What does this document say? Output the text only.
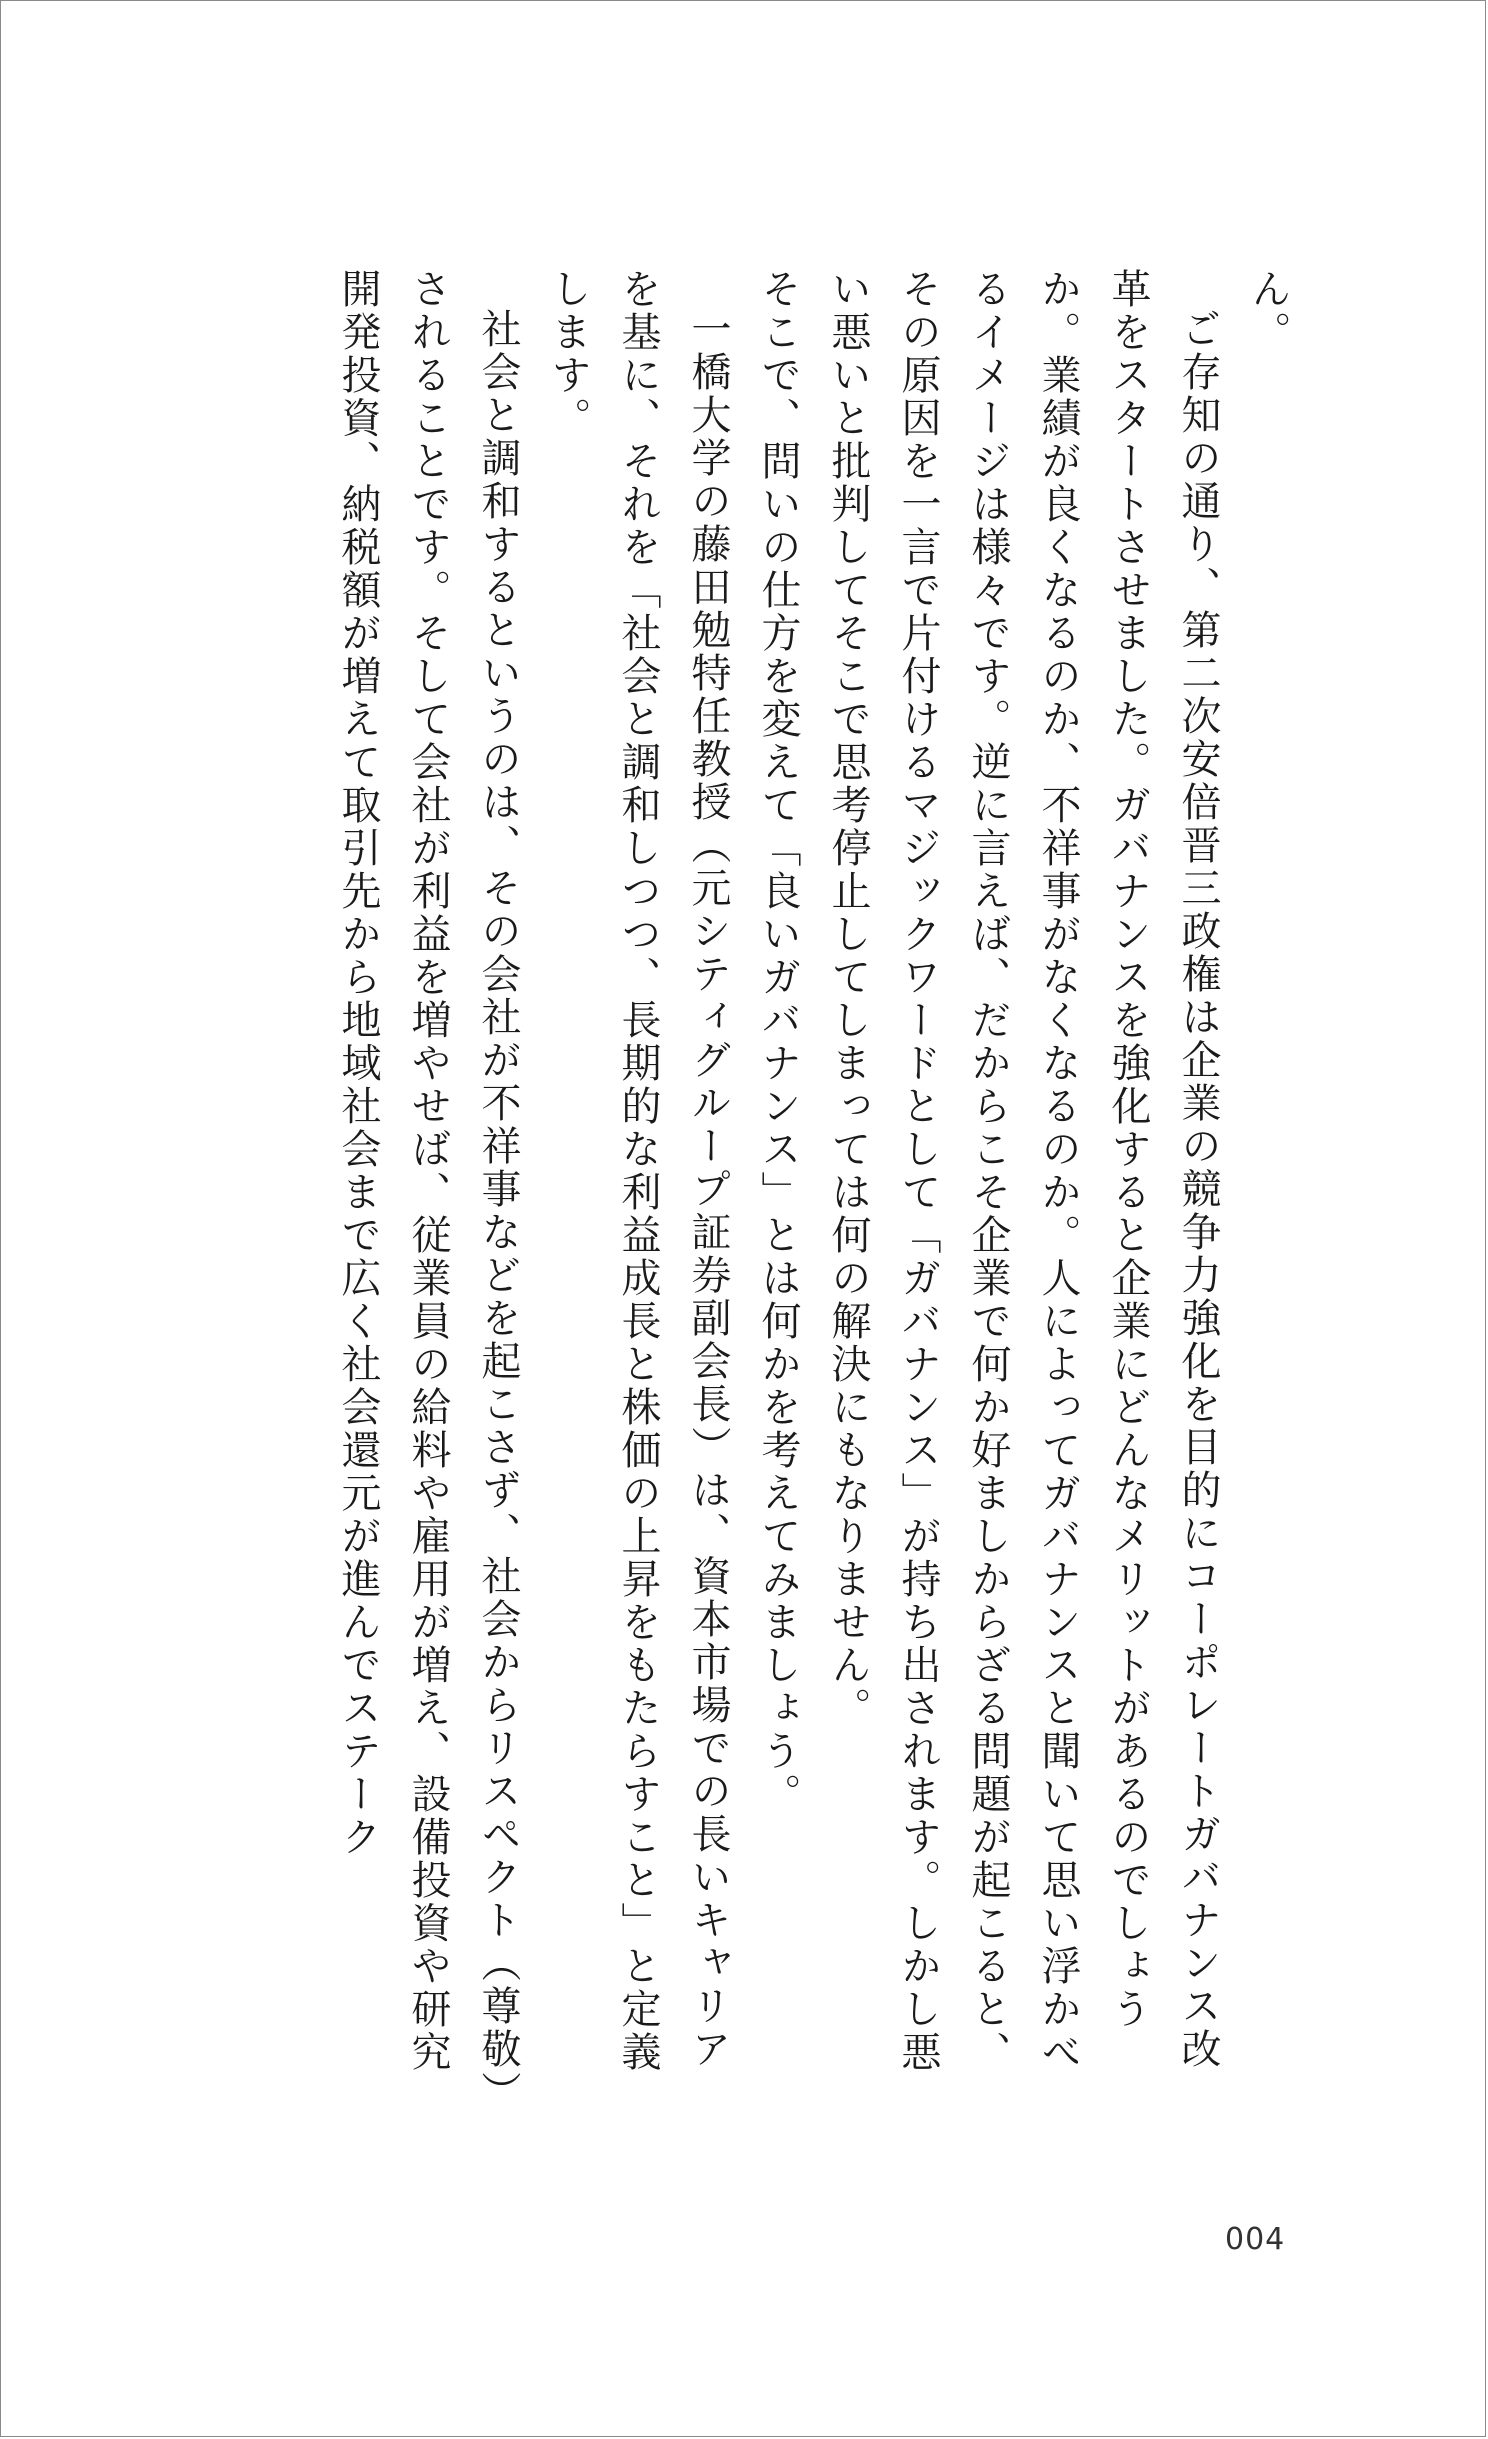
ん。

ご存知の通り、第二次安倍晋三政権は企業の競争力強化を目的にコーポレートガバナンス改革をスタートさせました。ガバナンスを強化すると企業にどんなメリットがあるのでしょうか。業績が良くなるのか、不祥事がなくなるのか。人によってガバナンスと聞いて思い浮かべるイメージは様々です。逆に言えば、だからこそ企業で何か好ましからざる問題が起こると、その原因を一言で片付けるマジックワードとして「ガバナンス」が持ち出されます。しかし悪い悪いと批判してそこで思考停止してしまっては何の解決にもなりません。

そこで、問いの仕方を変えて「良いガバナンス」とは何かを考えてみましょう。

一橋大学の藤田勉特任教授（元シティグループ証券副会長）は、資本市場での長いキャリアを基に、それを「社会と調和しつつ、長期的な利益成長と株価の上昇をもたらすこと」と定義します。

社会と調和するというのは、その会社が不祥事などを起こさず、社会からリスペクト（尊敬）されることです。そして会社が利益を増やせば、従業員の給料や雇用が増え、設備投資や研究開発投資、納税額が増えて取引先から地域社会まで広く社会還元が進んでステーク

004
